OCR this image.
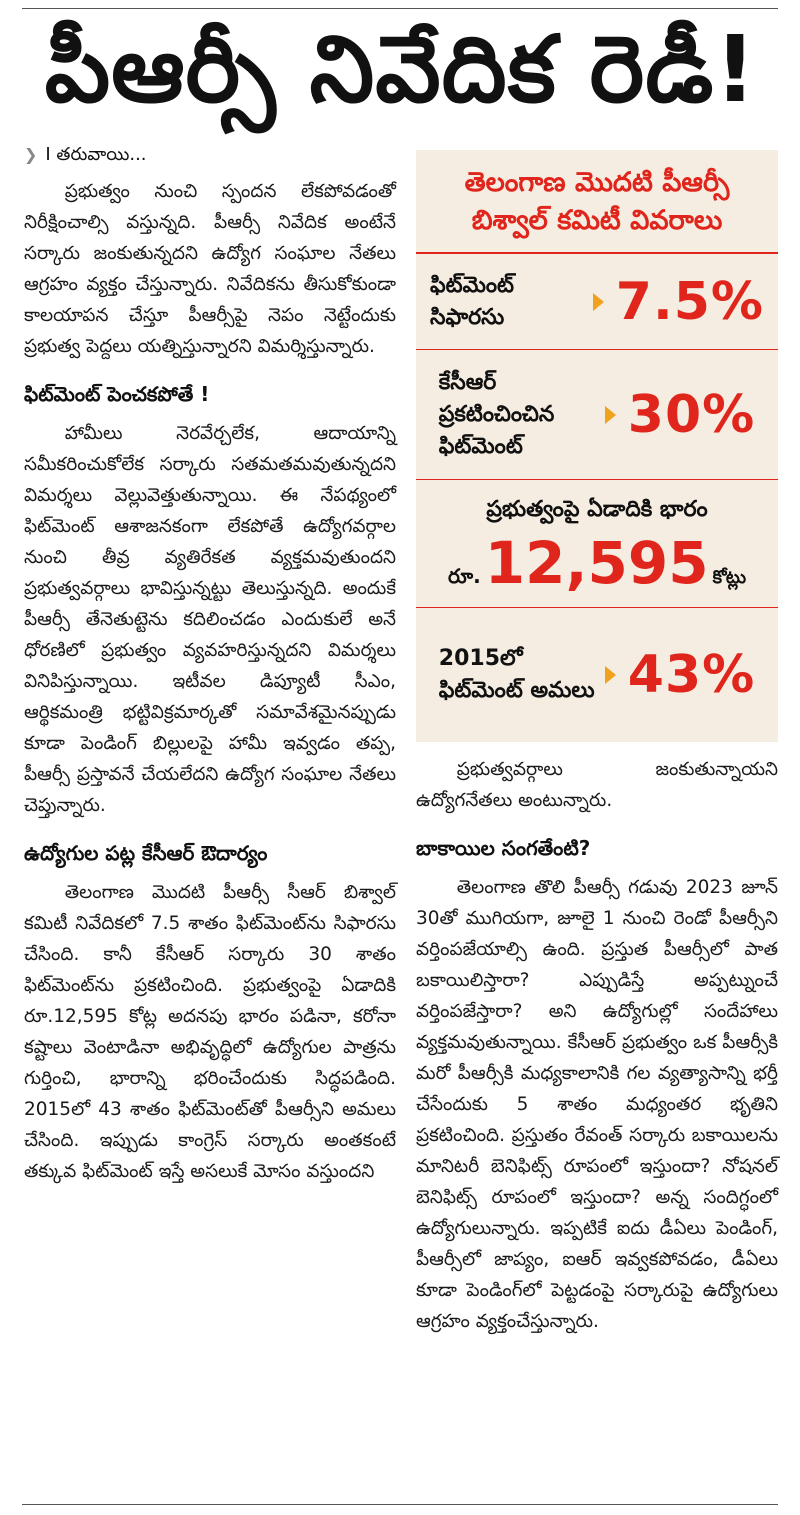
పీఆర్సీ నివేదిక రెడీ!
❯ I తరువాయి...

ప్రభుత్వం నుంచి స్పందన లేకపోవడంతో నిరీక్షించాల్సి వస్తున్నది. పీఆర్సీ నివేదిక అంటేనే సర్కారు జంకుతున్నదని ఉద్యోగ సంఘాల నేతలు ఆగ్రహం వ్యక్తం చేస్తున్నారు. నివేదికను తీసుకోకుండా కాలయాపన చేస్తూ పీఆర్సీపై నెపం నెట్టేందుకు ప్రభుత్వ పెద్దలు యత్నిస్తున్నారని విమర్శిస్తున్నారు.

ఫిట్‌మెంట్ పెంచకపోతే !

హామీలు నెరవేర్చలేక, ఆదాయాన్ని సమీకరించుకోలేక సర్కారు సతమతమవుతున్నదని విమర్శలు వెల్లువెత్తుతున్నాయి. ఈ నేపథ్యంలో ఫిట్‌మెంట్ ఆశాజనకంగా లేకపోతే ఉద్యోగవర్గాల నుంచి తీవ్ర వ్యతిరేకత వ్యక్తమవుతుందని ప్రభుత్వవర్గాలు భావిస్తున్నట్టు తెలుస్తున్నది. అందుకే పీఆర్సీ తేనెతుట్టెను కదిలించడం ఎందుకులే అనే ధోరణిలో ప్రభుత్వం వ్యవహరిస్తున్నదని విమర్శలు వినిపిస్తున్నాయి. ఇటీవల డిప్యూటీ సీఎం, ఆర్థికమంత్రి భట్టివిక్రమార్కతో సమావేశమైనప్పుడు కూడా పెండింగ్ బిల్లులపై హామీ ఇవ్వడం తప్ప, పీఆర్సీ ప్రస్తావనే చేయలేదని ఉద్యోగ సంఘాల నేతలు చెప్తున్నారు.

ఉద్యోగుల పట్ల కేసీఆర్ ఔదార్యం

తెలంగాణ మొదటి పీఆర్సీ సీఆర్ బిశ్వాల్ కమిటీ నివేదికలో 7.5 శాతం ఫిట్‌మెంట్‌ను సిఫారసు చేసింది. కానీ కేసీఆర్ సర్కారు 30 శాతం ఫిట్‌మెంట్‌ను ప్రకటించింది. ప్రభుత్వంపై ఏడాదికి రూ.12,595 కోట్ల అదనపు భారం పడినా, కరోనా కష్టాలు వెంటాడినా అభివృద్ధిలో ఉద్యోగుల పాత్రను గుర్తించి, భారాన్ని భరించేందుకు సిద్ధపడింది. 2015లో 43 శాతం ఫిట్‌మెంట్‌తో పీఆర్సీని అమలు చేసింది. ఇప్పుడు కాంగ్రెస్ సర్కారు అంతకంటే తక్కువ ఫిట్‌మెంట్ ఇస్తే అసలుకే మోసం వస్తుందని

తెలంగాణ మొదటి పీఆర్సీ బిశ్వాల్ కమిటీ వివరాలు
ఫిట్‌మెంట్ సిఫారసు	7.5%
కేసీఆర్ ప్రకటించించిన ఫిట్‌మెంట్
30%
ప్రభుత్వంపై ఏడాదికి భారం
రూ. 12,595 కోట్లు
2015లో ఫిట్‌మెంట్ అమలు 43%

ప్రభుత్వవర్గాలు జంకుతున్నాయని ఉద్యోగనేతలు అంటున్నారు.

బాకాయిల సంగతేంటి?

తెలంగాణ తొలి పీఆర్సీ గడువు 2023 జూన్ 30తో ముగియగా, జూలై 1 నుంచి రెండో పీఆర్సీని వర్తింపజేయాల్సి ఉంది. ప్రస్తుత పీఆర్సీలో పాత బకాయిలిస్తారా? ఎప్పుడిస్తే అప్పట్నుంచే వర్తింపజేస్తారా? అని ఉద్యోగుల్లో సందేహాలు వ్యక్తమవుతున్నాయి. కేసీఆర్ ప్రభుత్వం ఒక పీఆర్సీకి మరో పీఆర్సీకి మధ్యకాలానికి గల వ్యత్యాసాన్ని భర్తీ చేసేందుకు 5 శాతం మధ్యంతర భృతిని ప్రకటించింది. ప్రస్తుతం రేవంత్ సర్కారు బకాయిలను మానిటరీ బెనిఫిట్స్ రూపంలో ఇస్తుందా? నోషనల్ బెనిఫిట్స్ రూపంలో ఇస్తుందా? అన్న సందిగ్ధంలో ఉద్యోగులున్నారు. ఇప్పటికే ఐదు డీఏలు పెండింగ్, పీఆర్సీలో జాప్యం, ఐఆర్ ఇవ్వకపోవడం, డీఏలు కూడా పెండింగ్‌లో పెట్టడంపై సర్కారుపై ఉద్యోగులు ఆగ్రహం వ్యక్తంచేస్తున్నారు.
